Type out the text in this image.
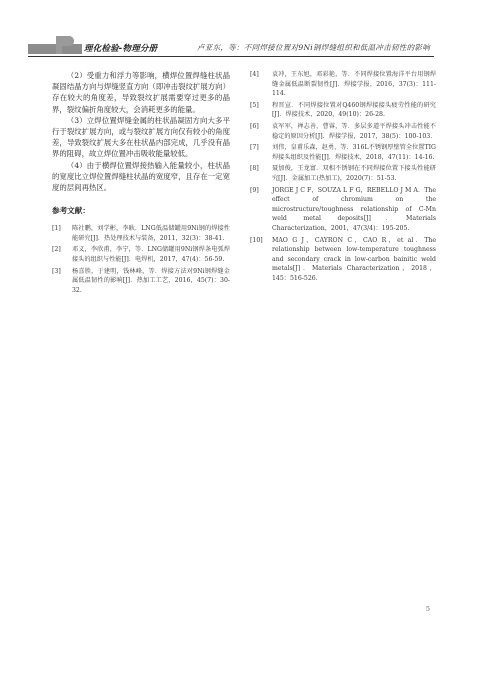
理化检验-物理分册	卢亚东，等：不同焊接位置对9Ni钢焊缝组织和低温冲击韧性的影响

（2）受重力和浮力等影响，横焊位置焊缝柱状晶凝固结晶方向与焊缝竖直方向（即冲击裂纹扩展方向）存在较大的角度差，导致裂纹扩展需要穿过更多的晶界，裂纹偏折角度较大，会消耗更多的能量。

（3）立焊位置焊缝金属的柱状晶凝固方向大多平行于裂纹扩展方向，或与裂纹扩展方向仅有较小的角度差，导致裂纹扩展大多在柱状晶内部完成，几乎没有晶界的阻碍，故立焊位置冲击吸收能量较低。

（4）由于横焊位置焊接热输入能量较小，柱状晶的宽度比立焊位置焊缝柱状晶的宽度窄，且存在一定宽度的层间再热区。

参考文献：
[1] 陈社鹏，刘学彬，李耿．LNG低温储罐用9Ni钢的焊接性能研究[J]．热处理技术与装备，2011，32(3)：38-41.
[2] 邓义，李欣甫，李宁，等．LNG储罐用9Ni钢焊条电弧焊接头的组织与性能[J]．电焊机，2017，47(4)：56-59.
[3] 杨喜胜，于建明，钱林峰，等．焊接方法对9Ni钢焊缝金属低温韧性的影响[J]．热加工工艺，2016，45(7)：30-32.
[4] 袁冲，王东旭，邓彩艳，等．不同焊接位置海洋平台用钢焊缝金属低温断裂韧性[J]．焊接学报，2016，37(3)：111-114.
[5] 程晋宣．不同焊接位置对Q460钢焊接接头疲劳性能的研究[J]．焊接技术，2020，49(10)：26-28.
[6] 袁军军，禅志善，曹睿，等．多层多道平焊接头冲击性能不稳定的原因分析[J]．焊接学报，2017，38(5)：100-103.
[7] 刘伟，皇甫乐森，赵勇，等．316L不锈钢厚壁管全位置TIG焊接头组织及性能[J]．焊接技术，2018，47(11)：14-16.
[8] 聂加俊，王龙富．双相不锈钢在不同焊接位置下接头性能研究[J]．金属加工(热加工)，2020(7)：51-53.
[9] JORGE J C F，SOUZA L F G，REBELLO J M A．The effect of chromium on the microstructure/toughness relationship of C-Mn weld metal deposits[J]．Materials Characterization，2001，47(3/4)：195-205.
[10] MAO G J，CAYRON C，CAO R，et al．The relationship between low-temperature toughness and secondary crack in low-carbon bainitic weld metals[J]．Materials Characterization，2018，145：516-526.
5
